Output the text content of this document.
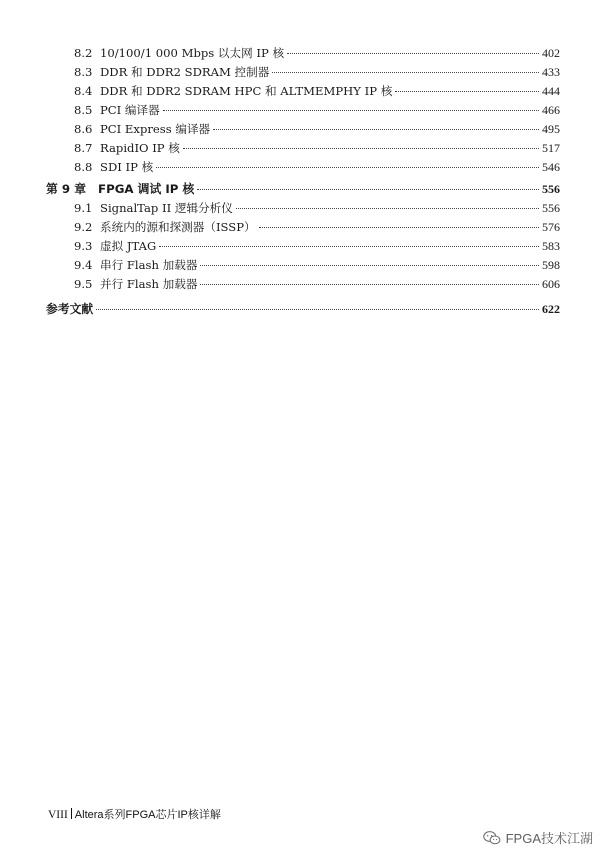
8.2 10/100/1 000 Mbps 以太网 IP 核	402
8.3 DDR 和 DDR2 SDRAM 控制器	433
8.4 DDR 和 DDR2 SDRAM HPC 和 ALTMEMPHY IP 核	444
8.5 PCI 编译器	466
8.6 PCI Express 编译器	495
8.7 RapidIO IP 核	517
8.8 SDI IP 核	546
第 9 章 FPGA 调试 IP 核	556
9.1 SignalTap II 逻辑分析仪	556
9.2 系统内的源和探测器（ISSP）	576
9.3 虚拟 JTAG	583
9.4 串行 Flash 加载器	598
9.5 并行 Flash 加载器	606
参考文献	622
VIII Altera系列FPGA芯片IP核详解
FPGA技术江湖
